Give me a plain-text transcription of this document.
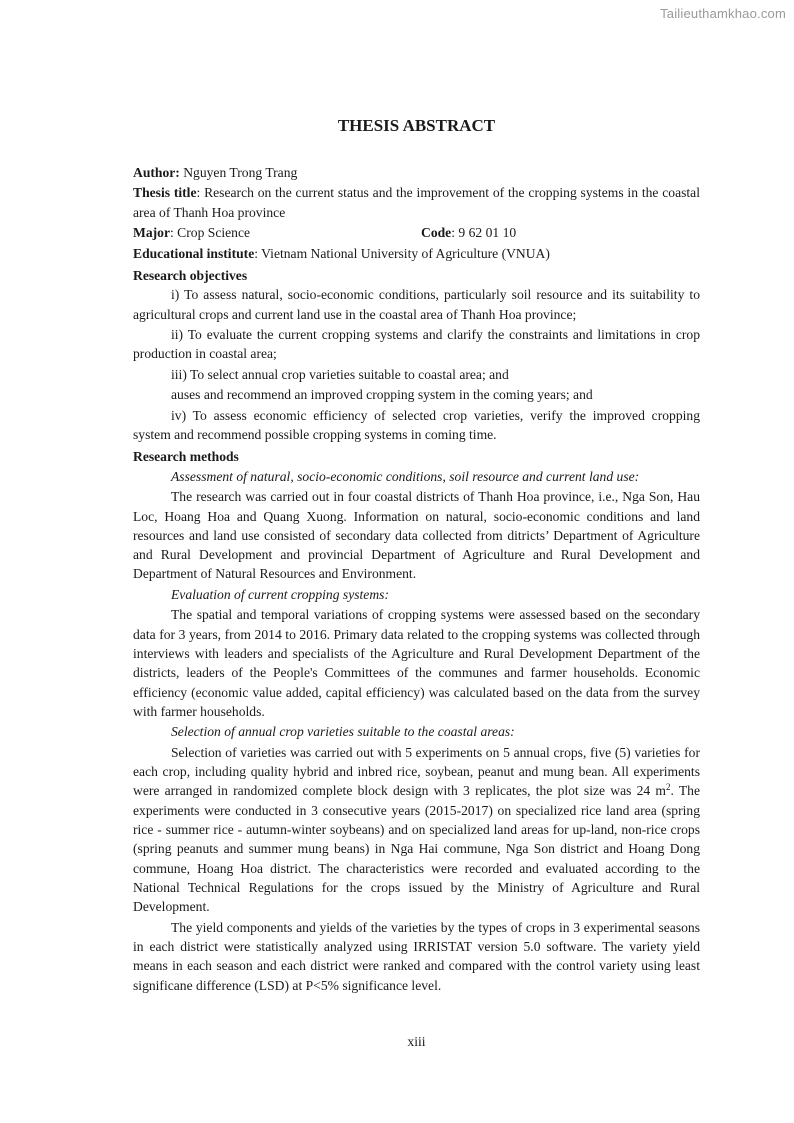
Tailieuthamkhao.com
THESIS ABSTRACT

Author: Nguyen Trong Trang

Thesis title: Research on the current status and the improvement of the cropping systems in the coastal area of Thanh Hoa province

Major: Crop Science	Code: 9 62 01 10

Educational institute: Vietnam National University of Agriculture (VNUA)

Research objectives

i) To assess natural, socio-economic conditions, particularly soil resource and its suitability to agricultural crops and current land use in the coastal area of Thanh Hoa province;

ii) To evaluate the current cropping systems and clarify the constraints and limitations in crop production in coastal area;

iii) To select annual crop varieties suitable to coastal area; and

auses and recommend an improved cropping system in the coming years; and

iv) To assess economic efficiency of selected crop varieties, verify the improved cropping system and recommend possible cropping systems in coming time.

Research methods

Assessment of natural, socio-economic conditions, soil resource and current land use:

The research was carried out in four coastal districts of Thanh Hoa province, i.e., Nga Son, Hau Loc, Hoang Hoa and Quang Xuong. Information on natural, socio-economic conditions and land resources and land use consisted of secondary data collected from ditricts’ Department of Agriculture and Rural Development and provincial Department of Agriculture and Rural Development and Department of Natural Resources and Environment.

Evaluation of current cropping systems:

The spatial and temporal variations of cropping systems were assessed based on the secondary data for 3 years, from 2014 to 2016. Primary data related to the cropping systems was collected through interviews with leaders and specialists of the Agriculture and Rural Development Department of the districts, leaders of the People's Committees of the communes and farmer households. Economic efficiency (economic value added, capital efficiency) was calculated based on the data from the survey with farmer households.

Selection of annual crop varieties suitable to the coastal areas:

Selection of varieties was carried out with 5 experiments on 5 annual crops, five (5) varieties for each crop, including quality hybrid and inbred rice, soybean, peanut and mung bean. All experiments were arranged in randomized complete block design with 3 replicates, the plot size was 24 $m^2$. The experiments were conducted in 3 consecutive years (2015-2017) on specialized rice land area (spring rice - summer rice - autumn-winter soybeans) and on specialized land areas for up-land, non-rice crops (spring peanuts and summer mung beans) in Nga Hai commune, Nga Son district and Hoang Dong commune, Hoang Hoa district. The characteristics were recorded and evaluated according to the National Technical Regulations for the crops issued by the Ministry of Agriculture and Rural Development.

The yield components and yields of the varieties by the types of crops in 3 experimental seasons in each district were statistically analyzed using IRRISTAT version 5.0 software. The variety yield means in each season and each district were ranked and compared with the control variety using least significane difference (LSD) at P<5% significance level.

xiii
